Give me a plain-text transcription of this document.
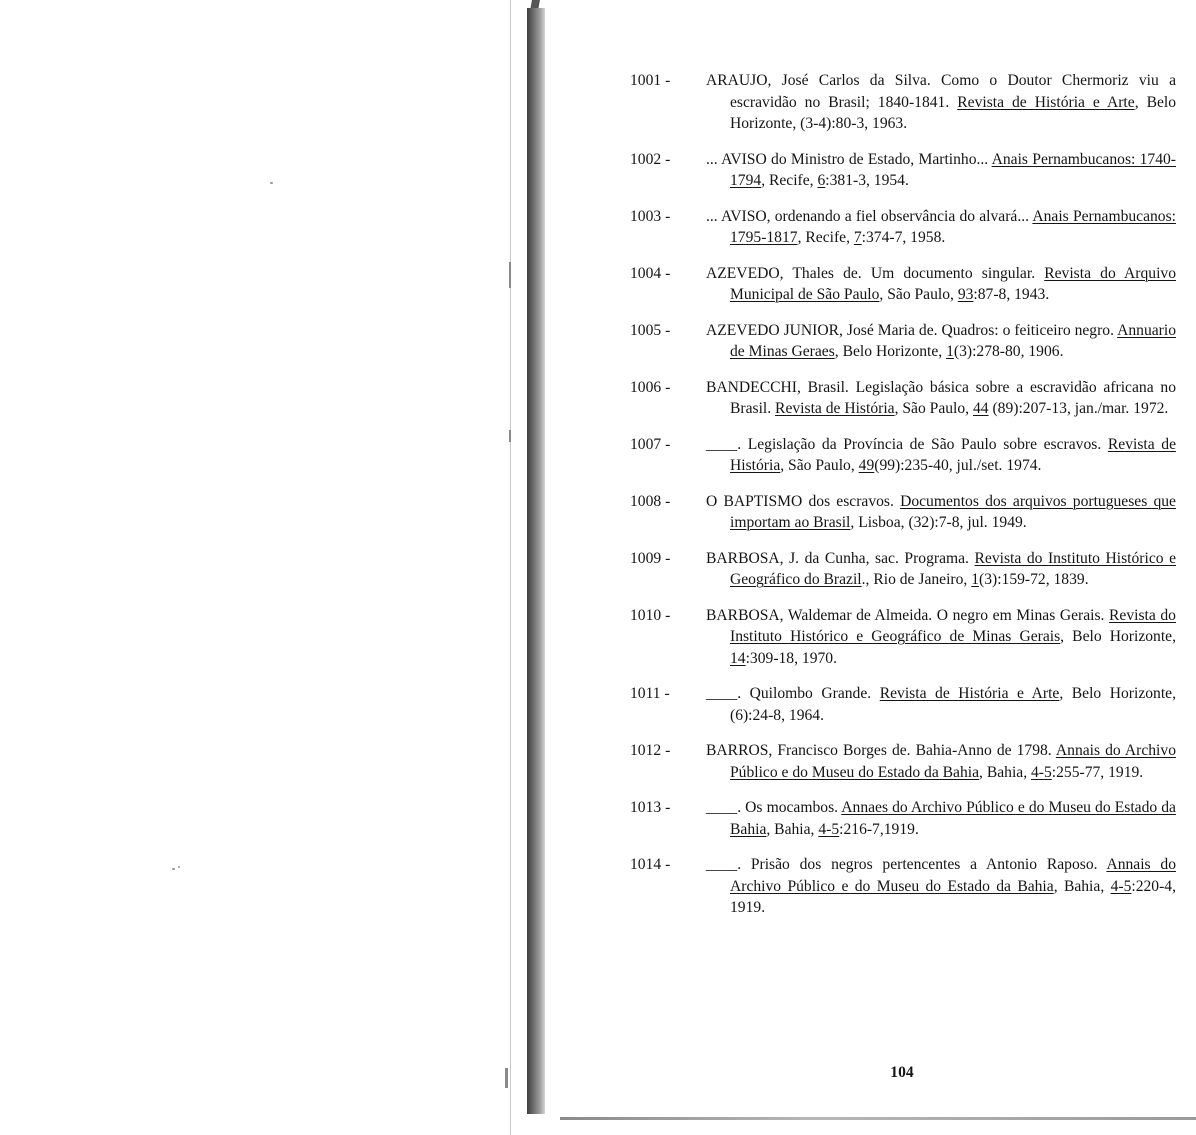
1001 -	ARAUJO, José Carlos da Silva. Como o Doutor Chermoriz viu a escravidão no Brasil; 1840-1841. Revista de História e Arte, Belo Horizonte, (3-4):80-3, 1963.
1002 -	... AVISO do Ministro de Estado, Martinho... Anais Pernambucanos: 1740-1794, Recife, 6:381-3, 1954.
1003 -	... AVISO, ordenando a fiel observância do alvará... Anais Pernambucanos: 1795-1817, Recife, 7:374-7, 1958.
1004 -	AZEVEDO, Thales de. Um documento singular. Revista do Arquivo Municipal de São Paulo, São Paulo, 93:87-8, 1943.
1005 -	AZEVEDO JUNIOR, José Maria de. Quadros: o feiticeiro negro. Annuario de Minas Geraes, Belo Horizonte, 1(3):278-80, 1906.
1006 -	BANDECCHI, Brasil. Legislação básica sobre a escravidão africana no Brasil. Revista de História, São Paulo, 44 (89):207-13, jan./mar. 1972.
1007 -	____. Legislação da Província de São Paulo sobre escravos. Revista de História, São Paulo, 49(99):235-40, jul./set. 1974.
1008 -	O BAPTISMO dos escravos. Documentos dos arquivos portugueses que importam ao Brasil, Lisboa, (32):7-8, jul. 1949.
1009 -	BARBOSA, J. da Cunha, sac. Programa. Revista do Instituto Histórico e Geográfico do Brazil., Rio de Janeiro, 1(3):159-72, 1839.
1010 -	BARBOSA, Waldemar de Almeida. O negro em Minas Gerais. Revista do Instituto Histórico e Geográfico de Minas Gerais, Belo Horizonte, 14:309-18, 1970.
1011 -	____. Quilombo Grande. Revista de História e Arte, Belo Horizonte, (6):24-8, 1964.
1012 -	BARROS, Francisco Borges de. Bahia-Anno de 1798. Annais do Archivo Público e do Museu do Estado da Bahia, Bahia, 4-5:255-77, 1919.
1013 -	____. Os mocambos. Annaes do Archivo Público e do Museu do Estado da Bahia, Bahia, 4-5:216-7,1919.
1014 -	____. Prisão dos negros pertencentes a Antonio Raposo. Annais do Archivo Público e do Museu do Estado da Bahia, Bahia, 4-5:220-4, 1919.
104
